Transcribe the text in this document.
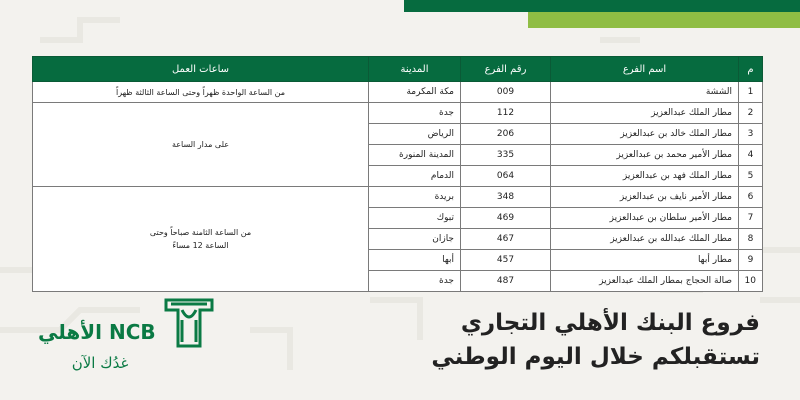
م	اسم الفرع	رقم الفرع	المدينة	ساعات العمل
1	الششة	009	مكة المكرمة	من الساعة الواحدة ظهراً وحتى الساعة الثالثة ظهراً
2	مطار الملك عبدالعزيز	112	جدة	على مدار الساعة
3	مطار الملك خالد بن عبدالعزيز	206	الرياض	
4	مطار الأمير محمد بن عبدالعزيز	335	المدينة المنورة	
5	مطار الملك فهد بن عبدالعزيز	064	الدمام	
6	مطار الأمير نايف بن عبدالعزيز	348	بريدة	من الساعة الثامنة صباحاً وحتى
الساعة 12 مساءً

7	مطار الأمير سلطان بن عبدالعزيز	469	تبوك	
8	مطار الملك عبدالله بن عبدالعزيز	467	جازان	
9	مطار أبها	457	أبها	
10	صالة الحجاج بمطار الملك عبدالعزيز	487	جدة	
فروع البنك الأهلي التجاري
تستقبلكم خلال اليوم الوطني
الأهلي NCB
غدُك الآن
